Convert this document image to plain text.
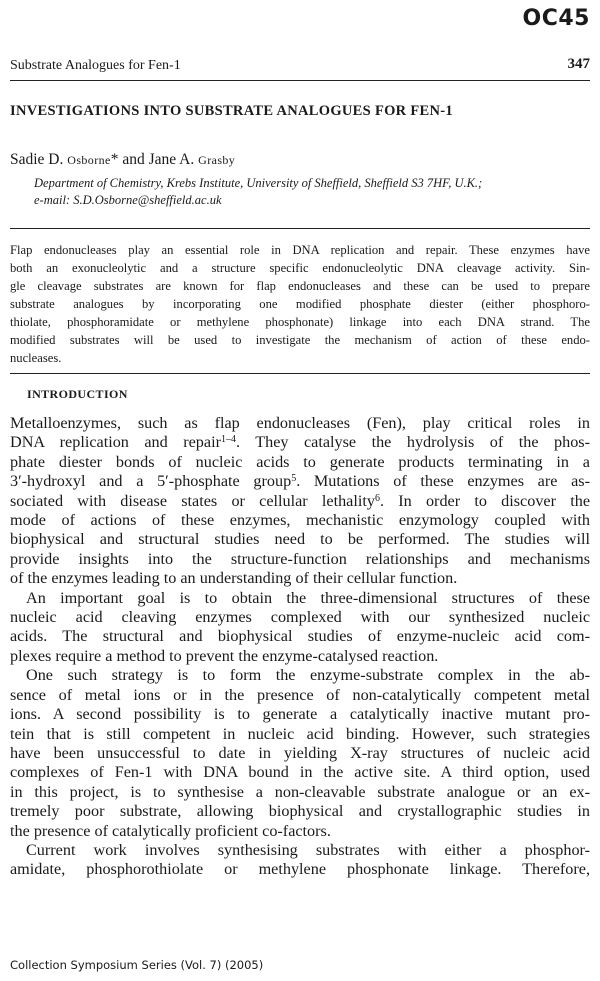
OC45
Substrate Analogues for Fen-1	347
INVESTIGATIONS INTO SUBSTRATE ANALOGUES FOR FEN-1
Sadie D. Osborne* and Jane A. Grasby
Department of Chemistry, Krebs Institute, University of Sheffield, Sheffield S3 7HF, U.K.;
e-mail: S.D.Osborne@sheffield.ac.uk
Flap endonucleases play an essential role in DNA replication and repair. These enzymes have
both an exonucleolytic and a structure specific endonucleolytic DNA cleavage activity. Sin-
gle cleavage substrates are known for flap endonucleases and these can be used to prepare
substrate analogues by incorporating one modified phosphate diester (either phosphoro-
thiolate, phosphoramidate or methylene phosphonate) linkage into each DNA strand. The
modified substrates will be used to investigate the mechanism of action of these endo-
nucleases.
INTRODUCTION
Metalloenzymes, such as flap endonucleases (Fen), play critical roles in
DNA replication and repair$^{1-4}$. They catalyse the hydrolysis of the phos-
phate diester bonds of nucleic acids to generate products terminating in a
3′-hydroxyl and a 5′-phosphate group$^5$. Mutations of these enzymes are as-
sociated with disease states or cellular lethality$^6$. In order to discover the
mode of actions of these enzymes, mechanistic enzymology coupled with
biophysical and structural studies need to be performed. The studies will
provide insights into the structure-function relationships and mechanisms
of the enzymes leading to an understanding of their cellular function.
An important goal is to obtain the three-dimensional structures of these
nucleic acid cleaving enzymes complexed with our synthesized nucleic
acids. The structural and biophysical studies of enzyme-nucleic acid com-
plexes require a method to prevent the enzyme-catalysed reaction.
One such strategy is to form the enzyme-substrate complex in the ab-
sence of metal ions or in the presence of non-catalytically competent metal
ions. A second possibility is to generate a catalytically inactive mutant pro-
tein that is still competent in nucleic acid binding. However, such strategies
have been unsuccessful to date in yielding X-ray structures of nucleic acid
complexes of Fen-1 with DNA bound in the active site. A third option, used
in this project, is to synthesise a non-cleavable substrate analogue or an ex-
tremely poor substrate, allowing biophysical and crystallographic studies in
the presence of catalytically proficient co-factors.
Current work involves synthesising substrates with either a phosphor-
amidate, phosphorothiolate or methylene phosphonate linkage. Therefore,
Collection Symposium Series (Vol. 7) (2005)
